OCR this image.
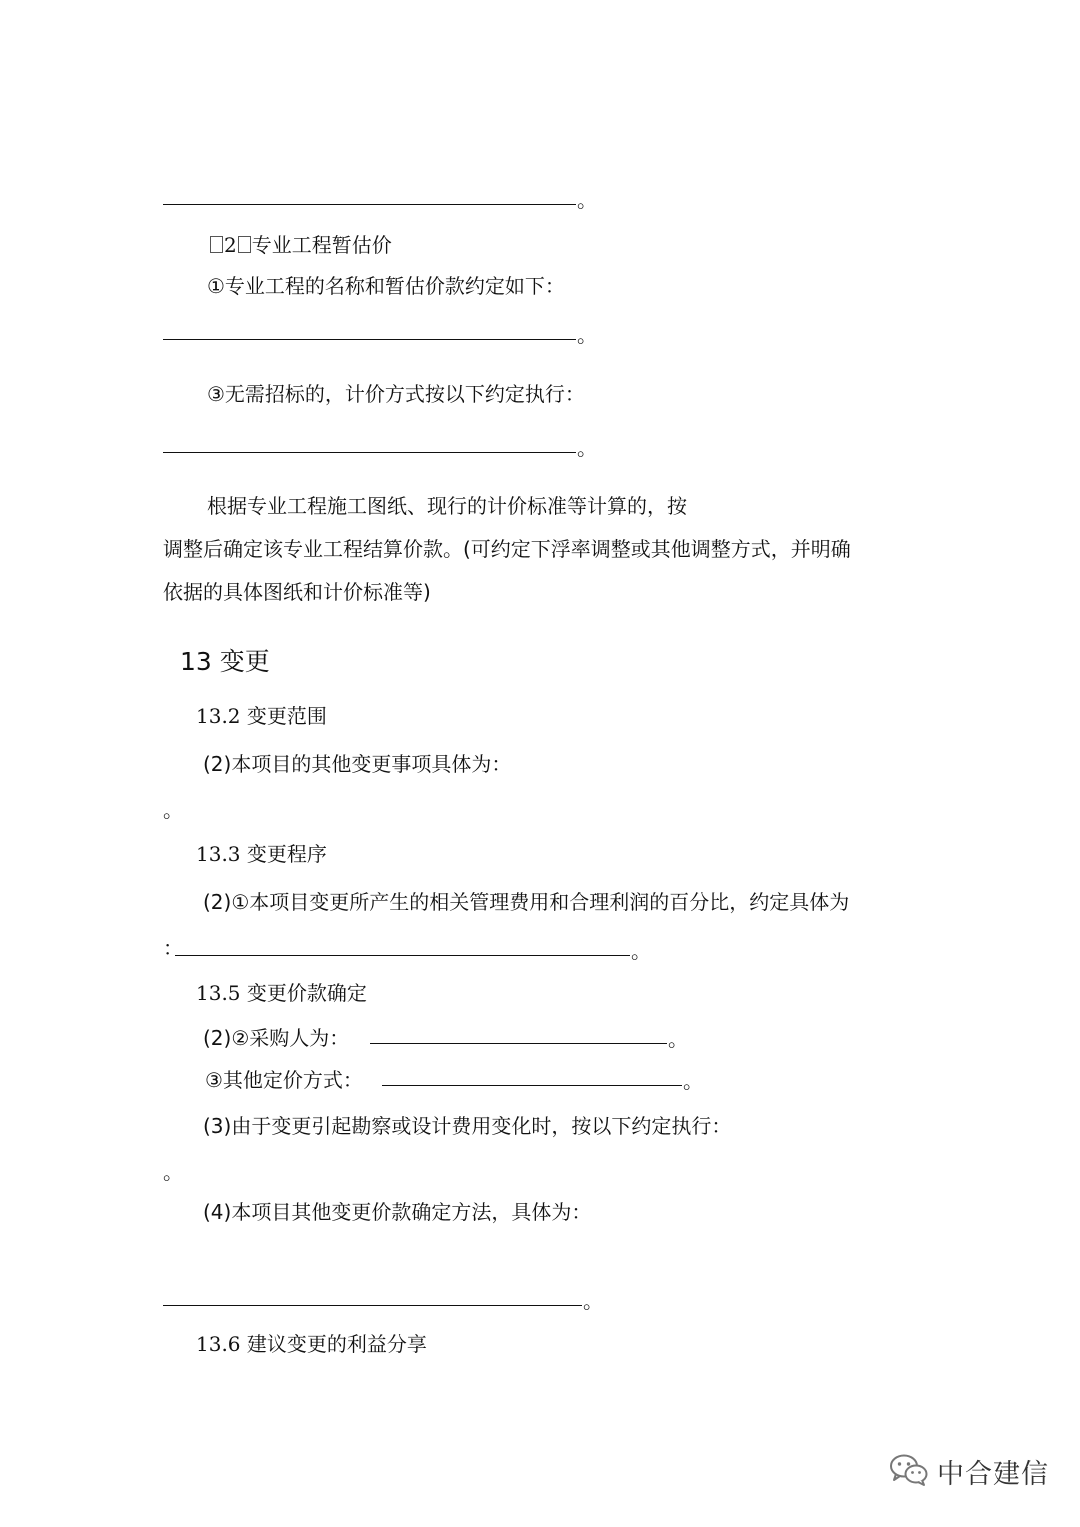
。
2 专业工程暂估价
①专业工程的名称和暂估价款约定如下：
。
③无需招标的，计价方式按以下约定执行：
。
根据专业工程施工图纸、现行的计价标准等计算的，按
调整后确定该专业工程结算价款。(可约定下浮率调整或其他调整方式，并明确
依据的具体图纸和计价标准等)
13 变更
13.2 变更范围
(2)本项目的其他变更事项具体为：
。
13.3 变更程序
(2)①本项目变更所产生的相关管理费用和合理利润的百分比，约定具体为
：	。
13.5 变更价款确定
(2)②采购人为：	。
③其他定价方式：	。
(3)由于变更引起勘察或设计费用变化时，按以下约定执行：
。
(4)本项目其他变更价款确定方法，具体为：
。
13.6 建议变更的利益分享
中合建信
